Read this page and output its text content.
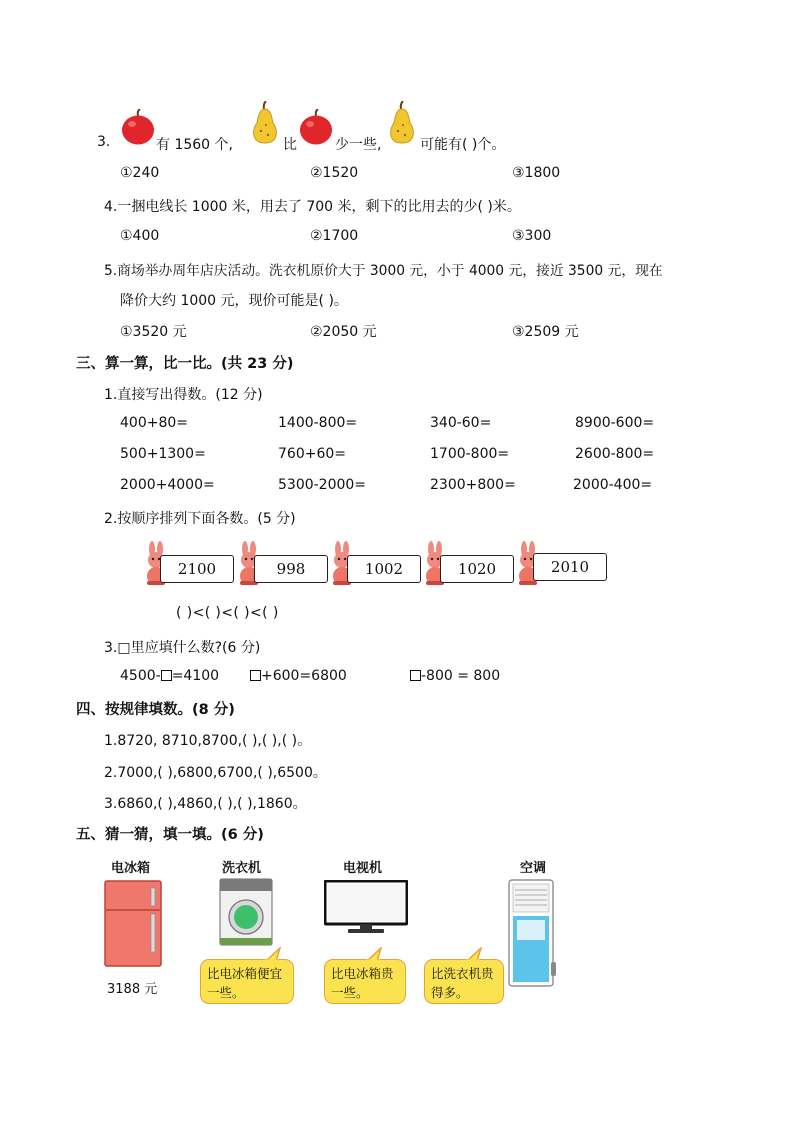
3.	有 1560 个,	比	少一些,	可能有( )个。
①240	②1520	③1800
4.一捆电线长 1000 米，用去了 700 米，剩下的比用去的少( )米。
①400	②1700	③300
5.商场举办周年店庆活动。洗衣机原价大于 3000 元，小于 4000 元，接近 3500 元，现在
降价大约 1000 元，现价可能是( )。
①3520 元	②2050 元	③2509 元
三、算一算，比一比。(共 23 分)
1.直接写出得数。(12 分)
400+80=	1400-800=	340-60=	8900-600=
500+1300=	760+60=	1700-800=	2600-800=
2000+4000=	5300-2000=	2300+800=	2000-400=
2.按顺序排列下面各数。(5 分)
2100	998	1002	1020	2010
( )<( )<( )<( )
3.□里应填什么数?(6 分)
4500- =4100	+600=6800	-800 = 800
四、按规律填数。(8 分)
1.8720, 8710,8700,( ),( ),( )。
2.7000,( ),6800,6700,( ),6500。
3.6860,( ),4860,( ),( ),1860。
五、猜一猜，填一填。(6 分)
电冰箱	洗衣机	电视机	空调
3188 元
比电冰箱便宜
一些。
比电冰箱贵
一些。
比洗衣机贵
得多。
